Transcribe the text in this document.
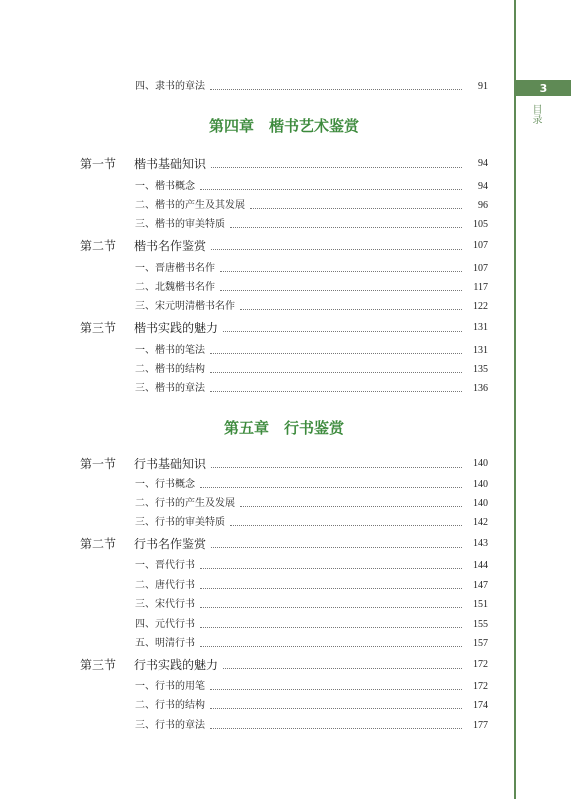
3
目录
四、隶书的章法	91
第四章　楷书艺术鉴赏
第一节	楷书基础知识	94
一、楷书概念	94
二、楷书的产生及其发展	96
三、楷书的审美特质	105
第二节	楷书名作鉴赏	107
一、晋唐楷书名作	107
二、北魏楷书名作	117
三、宋元明清楷书名作	122
第三节	楷书实践的魅力	131
一、楷书的笔法	131
二、楷书的结构	135
三、楷书的章法	136
第五章　行书鉴赏
第一节	行书基础知识	140
一、行书概念	140
二、行书的产生及发展	140
三、行书的审美特质	142
第二节	行书名作鉴赏	143
一、晋代行书	144
二、唐代行书	147
三、宋代行书	151
四、元代行书	155
五、明清行书	157
第三节	行书实践的魅力	172
一、行书的用笔	172
二、行书的结构	174
三、行书的章法	177
